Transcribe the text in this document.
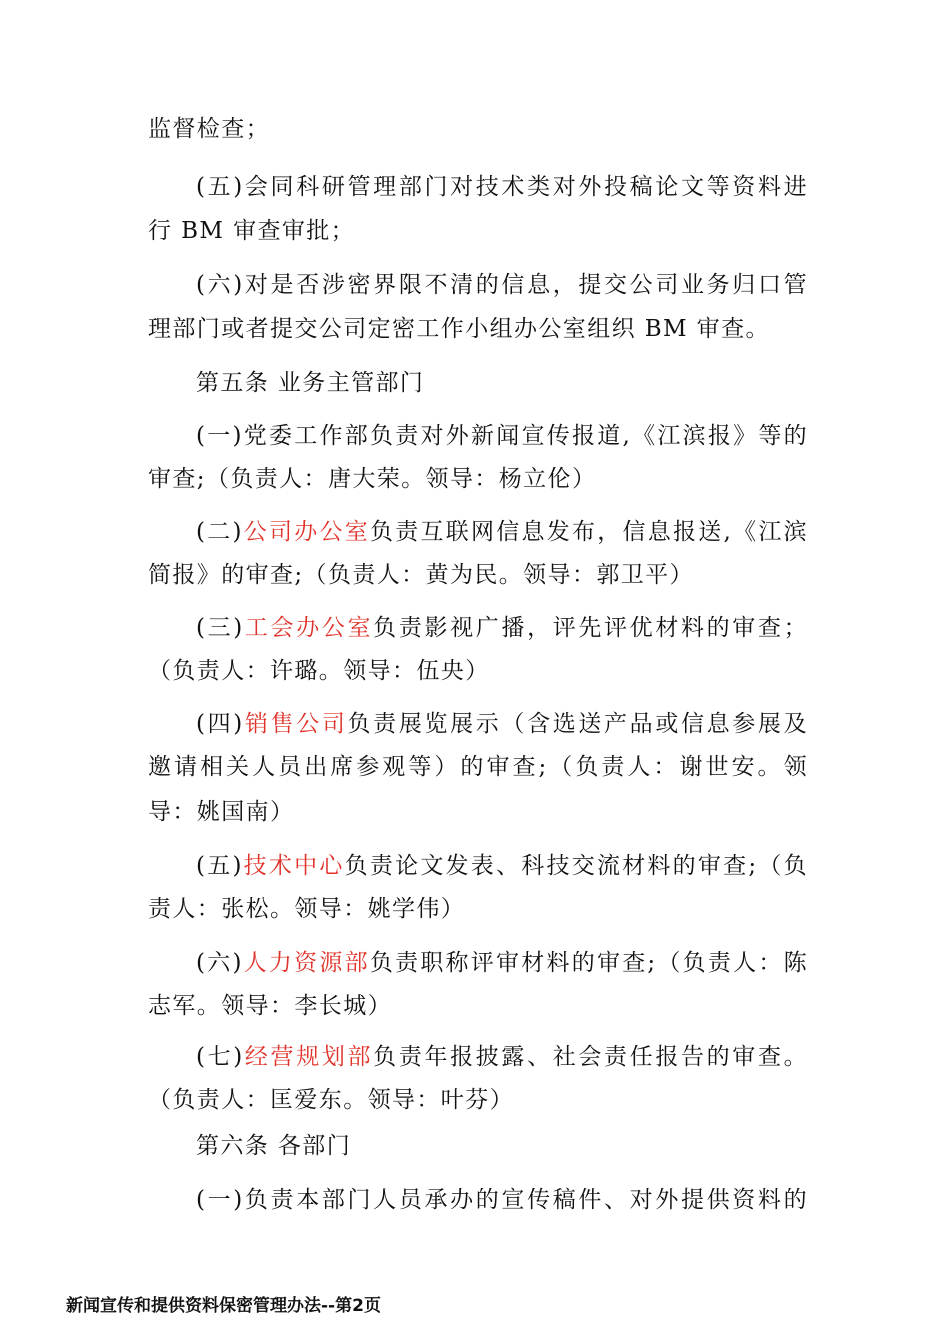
监督检查；
(五)会同科研管理部门对技术类对外投稿论文等资料进
行 BM 审查审批；
(六)对是否涉密界限不清的信息，提交公司业务归口管
理部门或者提交公司定密工作小组办公室组织 BM 审查。
第五条 业务主管部门
(一)党委工作部负责对外新闻宣传报道,《江滨报》等的
审查;（负责人：唐大荣。领导：杨立伦）
(二)公司办公室负责互联网信息发布，信息报送,《江滨
简报》的审查;（负责人：黄为民。领导：郭卫平）
(三)工会办公室负责影视广播，评先评优材料的审查；
（负责人：许璐。领导：伍央）
(四)销售公司负责展览展示（含选送产品或信息参展及
邀请相关人员出席参观等）的审查;（负责人：谢世安。领
导：姚国南）
(五)技术中心负责论文发表、科技交流材料的审查;（负
责人：张松。领导：姚学伟）
(六)人力资源部负责职称评审材料的审查;（负责人：陈
志军。领导：李长城）
(七)经营规划部负责年报披露、社会责任报告的审查。
（负责人：匡爱东。领导：叶芬）
第六条 各部门
(一)负责本部门人员承办的宣传稿件、对外提供资料的
新闻宣传和提供资料保密管理办法--第2页
